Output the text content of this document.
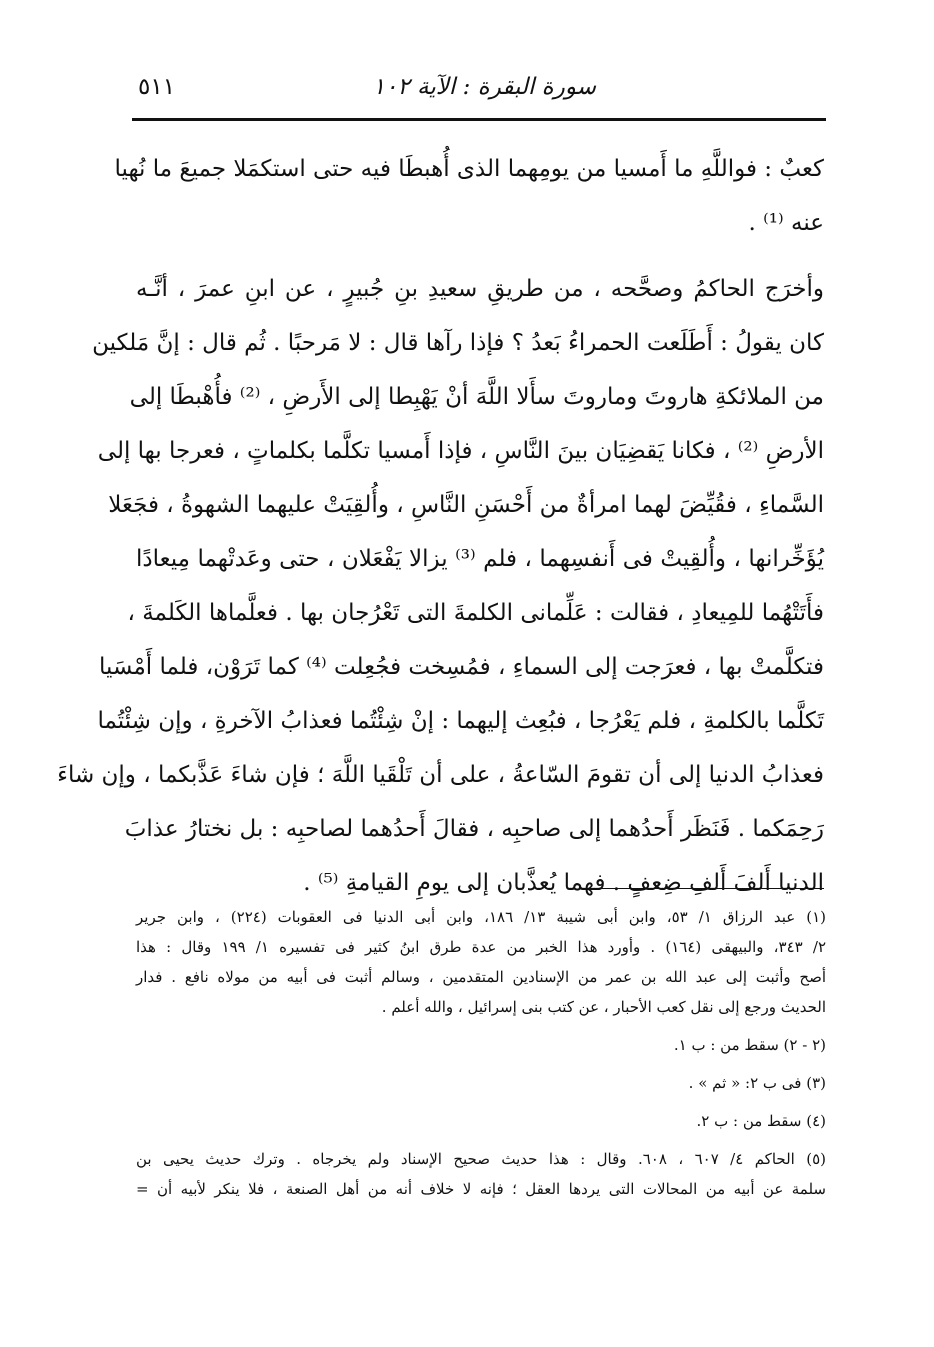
سورة البقرة : الآية ١٠٢
٥١١
كعبٌ : فواللَّهِ ما أَمسيا من يومِهما الذى أُهبطَا فيه حتى استكمَلا جميعَ ما نُهيا
عنه ⁽¹⁾ .
وأخرَج الحاكمُ وصحَّحه ، من طريقِ سعيدِ بنِ جُبيرٍ ، عن ابنِ عمرَ ، أنَّـه
كان يقولُ : أَطَلَعت الحمراءُ بَعدُ ؟ فإذا رآها قال : لا مَرحبًا . ثُم قال : إنَّ مَلكين
من الملائكةِ هاروتَ وماروتَ سأَلا اللَّهَ أنْ يَهْبِطا إلى الأَرضِ ، ⁽²⁾ فأُهْبطَا إلى
الأرضِ ⁽²⁾ ، فكانا يَقضِيَان بينَ النَّاسِ ، فإذا أَمسيا تكلَّما بكلماتٍ ، فعرجا بها إلى
السَّماءِ ، فقُيِّضَ لهما امرأةٌ من أَحْسَنِ النَّاسِ ، وأُلقِيَتْ عليهما الشهوةُ ، فجَعَلا
يُؤَخِّرانها ، وأُلقِيتْ فى أَنفسِهما ، فلم ⁽³⁾ يزالا يَفْعَلان ، حتى وعَدتْهما مِيعادًا
فأَتَتْهُما للمِيعادِ ، فقالت : عَلِّمانى الكلمةَ التى تَعْرُجان بها . فعلَّماها الكَلمةَ ،
فتكلَّمتْ بها ، فعرَجت إلى السماءِ ، فمُسِخت فجُعِلت ⁽⁴⁾ كما تَرَوْن، فلما أَمْسَيا
تَكلَّما بالكلمةِ ، فلم يَعْرُجا ، فبُعِث إليهما : إنْ شِئْتُما فعذابُ الآخرةِ ، وإن شِئْتُما
فعذابُ الدنيا إلى أن تقومَ السّاعةُ ، على أن تَلْقَيا اللَّهَ ؛ فإن شاءَ عَذَّبكما ، وإن شاءَ
رَحِمَكما . فَنَظَر أَحدُهما إلى صاحبِه ، فقالَ أَحدُهما لصاحبِه : بل نختارُ عذابَ
الدنيا أَلفَ أَلفِ ضِعفٍ . فهما يُعذَّبان إلى يومِ القيامةِ ⁽⁵⁾ .
(١) عبد الرزاق ١/ ٥٣، وابن أبى شيبة ١٣/ ١٨٦، وابن أبى الدنيا فى العقوبات (٢٢٤) ، وابن جرير
٢/ ٣٤٣، والبيهقى (١٦٤) . وأورد هذا الخبر من عدة طرق ابنُ كثير فى تفسيره ١/ ١٩٩ وقال : هذا
أصح وأثبت إلى عبد الله بن عمر من الإسنادين المتقدمين ، وسالم أثبت فى أبيه من مولاه نافع . فدار
الحديث ورجع إلى نقل كعب الأحبار ، عن كتب بنى إسرائيل ، والله أعلم .
(٢ - ٢) سقط من : ب ١.
(٣) فى ب ٢: « ثم » .
(٤) سقط من : ب ٢.
(٥) الحاكم ٤/ ٦٠٧ ، ٦٠٨. وقال : هذا حديث صحيح الإسناد ولم يخرجاه . وترك حديث يحيى بن
سلمة عن أبيه من المحالات التى يردها العقل ؛ فإنه لا خلاف أنه من أهل الصنعة ، فلا ينكر لأبيه أن =
